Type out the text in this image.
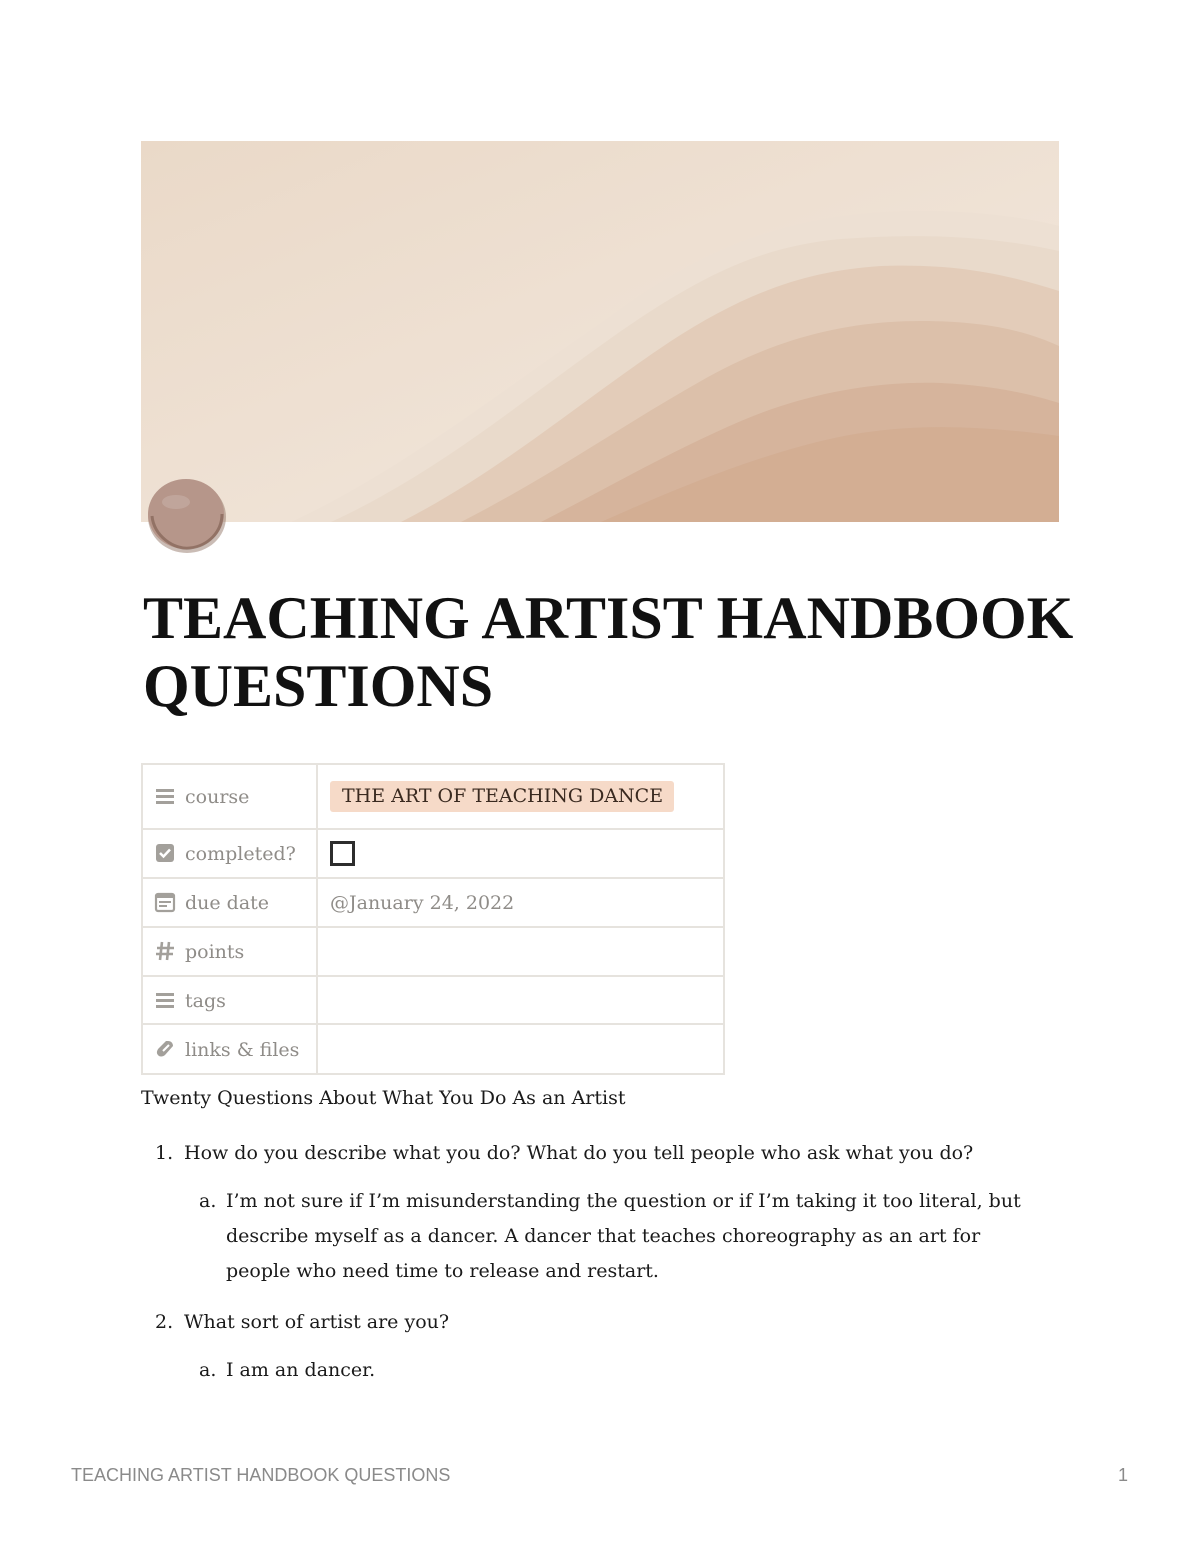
TEACHING ARTIST HANDBOOK QUESTIONS
course	THE ART OF TEACHING DANCE
completed?	
due date	@January 24, 2022
points	
tags	
links & files	

Twenty Questions About What You Do As an Artist

1. How do you describe what you do? What do you tell people who ask what you do?
a. I’m not sure if I’m misunderstanding the question or if I’m taking it too literal, but describe myself as a dancer. A dancer that teaches choreography as an art for people who need time to release and restart.
2. What sort of artist are you?
a. I am an dancer.
TEACHING ARTIST HANDBOOK QUESTIONS	1
